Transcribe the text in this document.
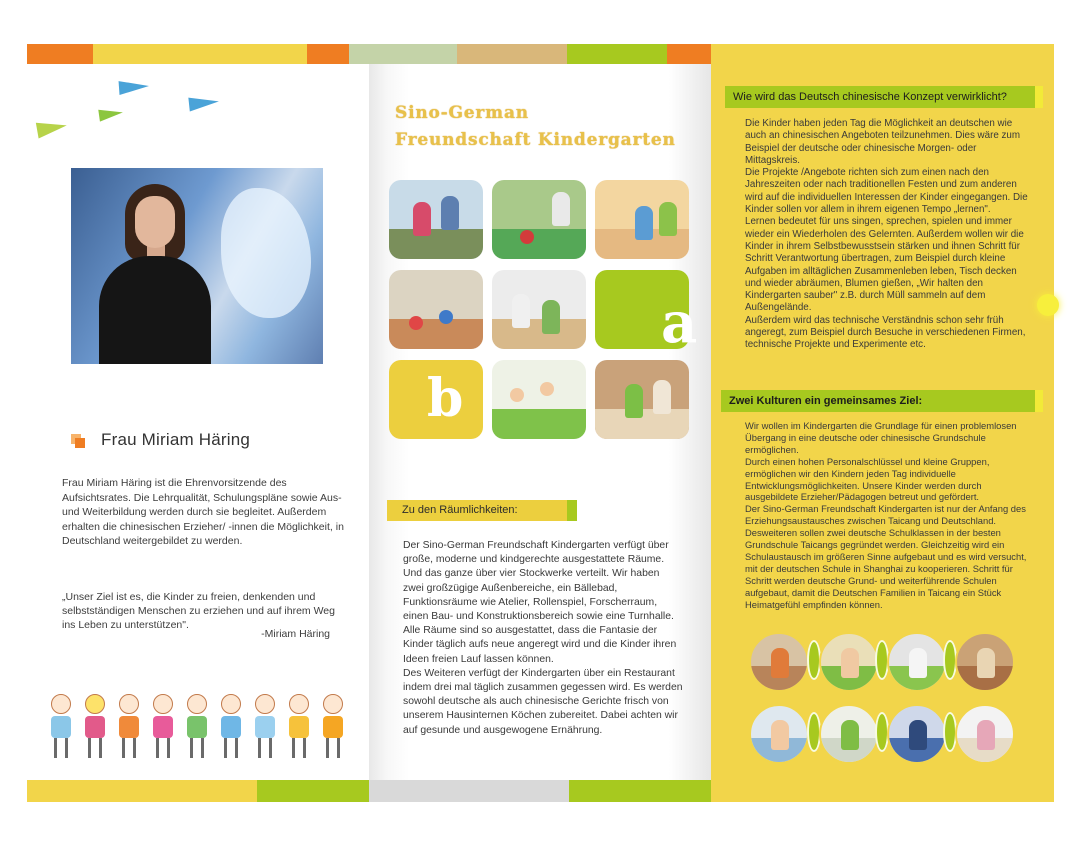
Frau Miriam Häring
Frau Miriam Häring ist die Ehrenvorsitzende des Aufsichtsrates. Die Lehrqualität, Schulungspläne sowie Aus- und Weiterbildung werden durch sie begleitet. Außerdem erhalten die chinesischen Erzieher/ -innen die Möglichkeit, in Deutschland weitergebildet zu werden.
„Unser Ziel ist es, die Kinder zu freien, denkenden und selbstständigen Menschen zu erziehen und auf ihrem Weg ins Leben zu unterstützen".
-Miriam Häring
Sino-German
Freundschaft Kindergarten
a
b
Zu den Räumlichkeiten:

Der Sino-German Freundschaft Kindergarten verfügt über große, moderne und kindgerechte ausgestattete Räume. Und das ganze über vier Stockwerke verteilt. Wir haben zwei großzügige Außenbereiche, ein Bällebad, Funktionsräume wie Atelier, Rollenspiel, Forscherraum, einen Bau- und Konstruktionsbereich sowie eine Turnhalle. Alle Räume sind so ausgestattet, dass die Fantasie der Kinder täglich aufs neue angeregt wird und die Kinder ihren Ideen freien Lauf lassen können.

Des Weiteren verfügt der Kindergarten über ein Restaurant indem drei mal täglich zusammen gegessen wird. Es werden sowohl deutsche als auch chinesische Gerichte frisch von unserem Hausinternen Köchen zubereitet. Dabei achten wir auf gesunde und ausgewogene Ernährung.

Wie wird das Deutsch chinesische Konzept verwirklicht?

Die Kinder haben jeden Tag die Möglichkeit an deutschen wie auch an chinesischen Angeboten teilzunehmen. Dies wäre zum Beispiel der deutsche oder chinesische Morgen- oder Mittagskreis.

Die Projekte /Angebote richten sich zum einen nach den Jahreszeiten oder nach traditionellen Festen und zum anderen wird auf die individuellen Interessen der Kinder eingegangen. Die Kinder sollen vor allem in ihrem eigenen Tempo „lernen".

Lernen bedeutet für uns singen, sprechen, spielen und immer wieder ein Wiederholen des Gelernten. Außerdem wollen wir die Kinder in ihrem Selbstbewusstsein stärken und ihnen Schritt für Schritt Verantwortung übertragen, zum Beispiel durch kleine Aufgaben im alltäglichen Zusammenleben leben, Tisch decken und wieder abräumen, Blumen gießen, „Wir halten den Kindergarten sauber" z.B. durch Müll sammeln auf dem Außengelände.

Außerdem wird das technische Verständnis schon sehr früh angeregt, zum Beispiel durch Besuche in verschiedenen Firmen, technische Projekte und Experimente etc.

Zwei Kulturen ein gemeinsames Ziel:

Wir wollen im Kindergarten die Grundlage für einen problemlosen Übergang in eine deutsche oder chinesische Grundschule ermöglichen.

Durch einen hohen Personalschlüssel und kleine Gruppen, ermöglichen wir den Kindern jeden Tag individuelle Entwicklungsmöglichkeiten. Unsere Kinder werden durch ausgebildete Erzieher/Pädagogen betreut und gefördert.

Der Sino-German Freundschaft Kindergarten ist nur der Anfang des Erziehungsaustausches zwischen Taicang und Deutschland. Desweiteren sollen zwei deutsche Schulklassen in der besten Grundschule Taicangs gegründet werden. Gleichzeitig wird ein Schulaustausch im größeren Sinne aufgebaut und es wird versucht, mit der deutschen Schule in Shanghai zu kooperieren. Schritt für Schritt werden deutsche Grund- und weiterführende Schulen aufgebaut, damit die Deutschen Familien in Taicang ein Stück Heimatgefühl empfinden können.
